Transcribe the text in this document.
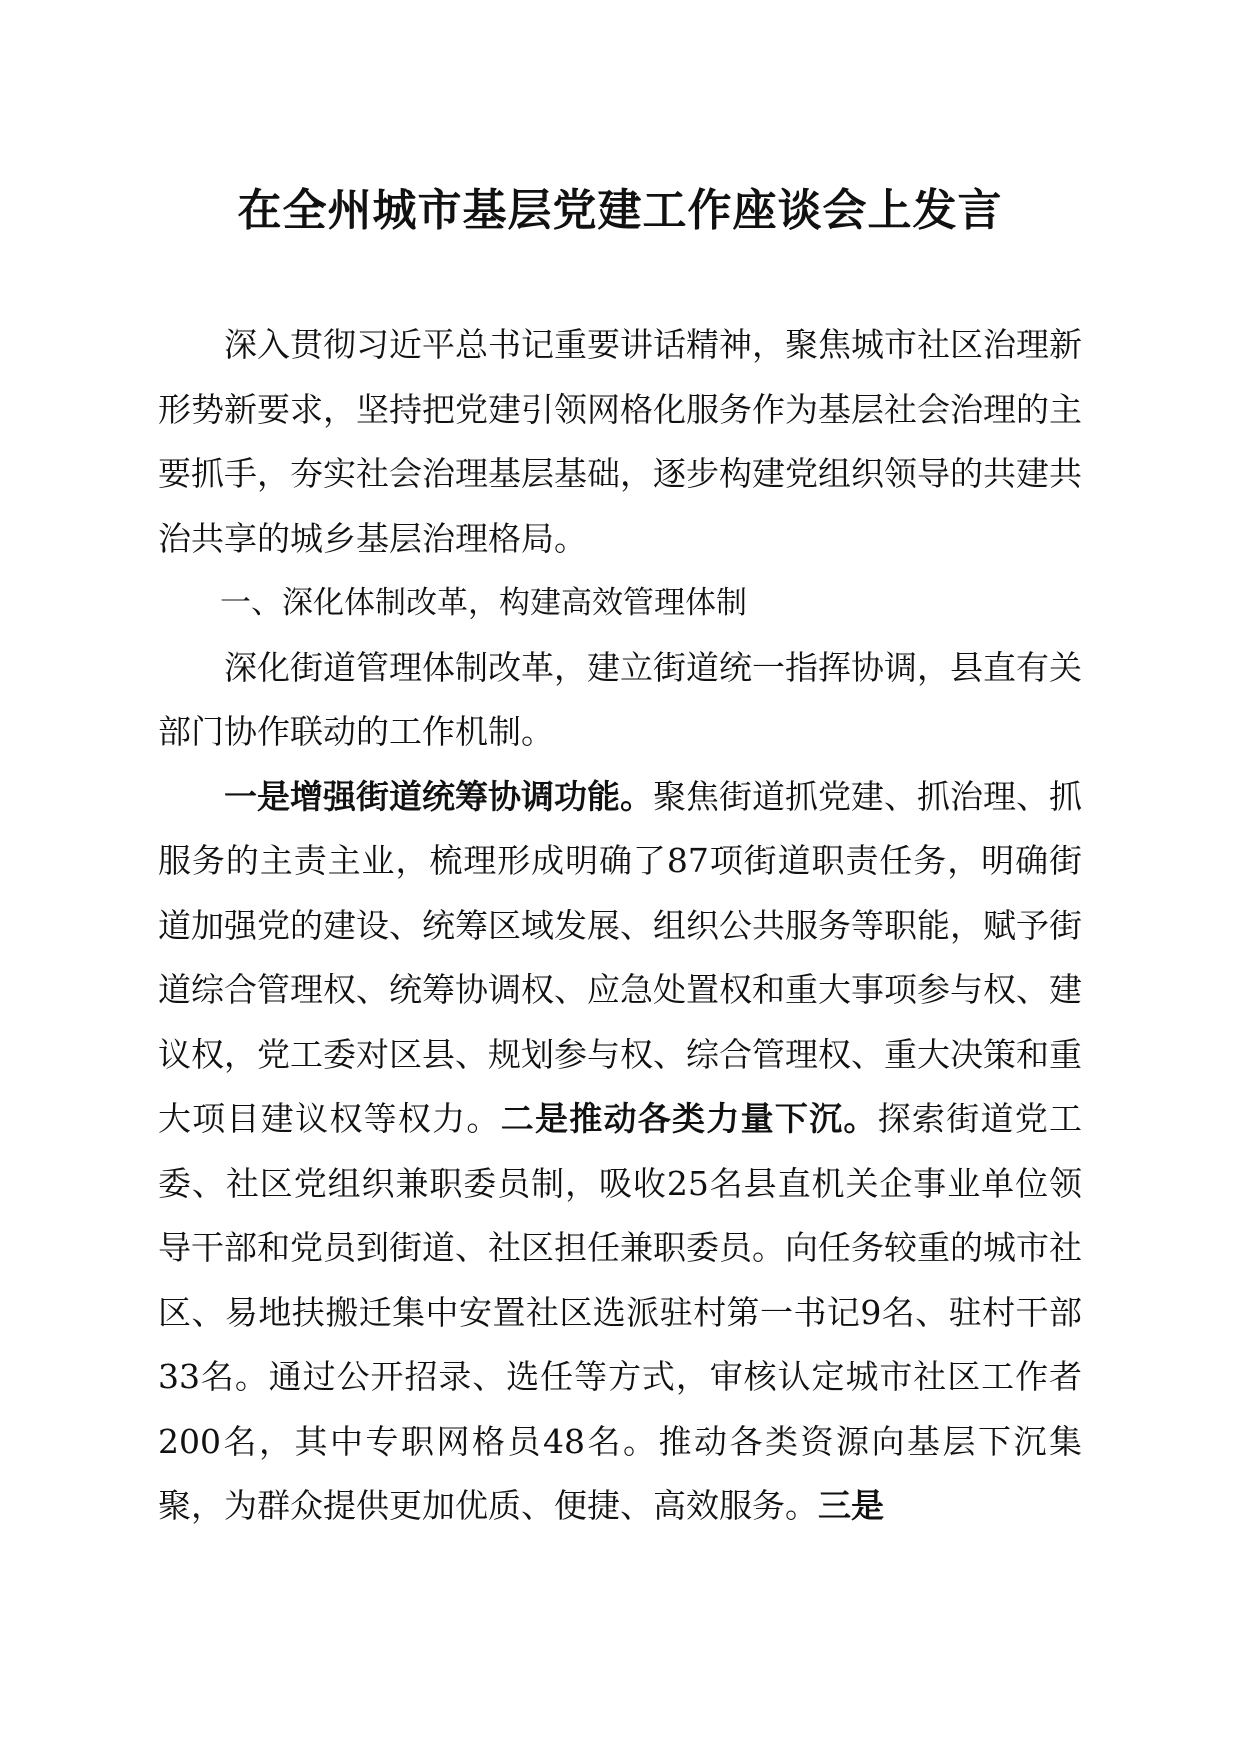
在全州城市基层党建工作座谈会上发言

深入贯彻习近平总书记重要讲话精神，聚焦城市社区治理新形势新要求，坚持把党建引领网格化服务作为基层社会治理的主要抓手，夯实社会治理基层基础，逐步构建党组织领导的共建共治共享的城乡基层治理格局。

一、深化体制改革，构建高效管理体制

深化街道管理体制改革，建立街道统一指挥协调，县直有关部门协作联动的工作机制。

一是增强街道统筹协调功能。聚焦街道抓党建、抓治理、抓服务的主责主业，梳理形成明确了87项街道职责任务，明确街道加强党的建设、统筹区域发展、组织公共服务等职能，赋予街道综合管理权、统筹协调权、应急处置权和重大事项参与权、建议权，党工委对区县、规划参与权、综合管理权、重大决策和重大项目建议权等权力。二是推动各类力量下沉。探索街道党工委、社区党组织兼职委员制，吸收25名县直机关企事业单位领导干部和党员到街道、社区担任兼职委员。向任务较重的城市社区、易地扶搬迁集中安置社区选派驻村第一书记9名、驻村干部33名。通过公开招录、选任等方式，审核认定城市社区工作者200名，其中专职网格员48名。推动各类资源向基层下沉集聚，为群众提供更加优质、便捷、高效服务。三是
